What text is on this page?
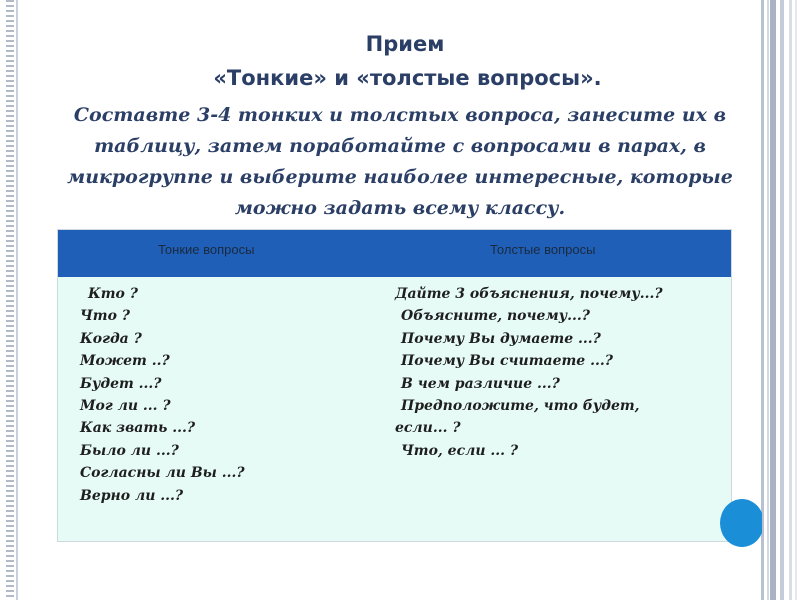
Прием
«Тонкие» и «толстые вопросы».

Составте 3-4 тонких и толстых вопроса, занесите их в таблицу, затем поработайте с вопросами в парах, в микрогруппе и выберите наиболее интересные, которые можно задать всему классу.

Тонкие вопросы	Толстые вопросы
Кто ?
Что ?
Когда ?
Может ..?
Будет ...?
Мог ли ... ?
Как звать ...?
Было ли ...?
Согласны ли Вы ...?
Верно ли ...?
Дайте 3 объяснения, почему...?
Объясните, почему...?
Почему Вы думаете ...?
Почему Вы считаете ...?
В чем различие ...?
Предположите, что будет,
если... ?
Что, если ... ?
